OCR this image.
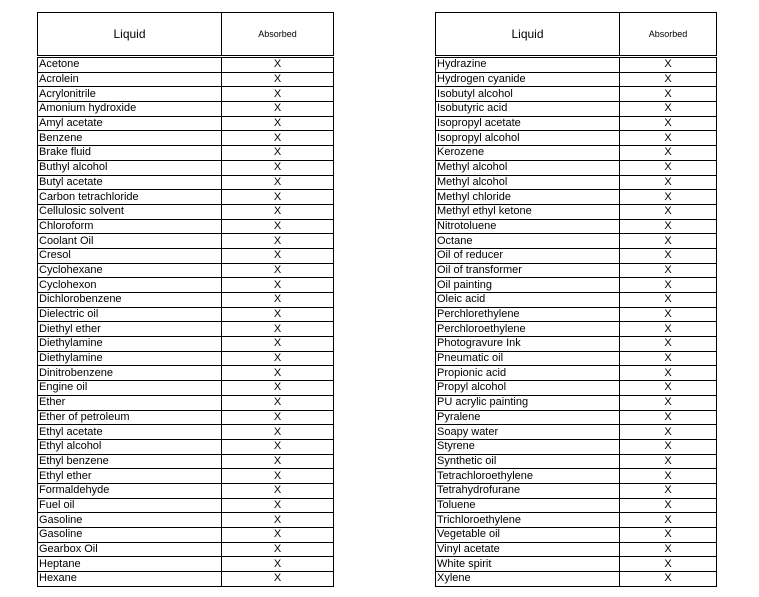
Liquid	Absorbed

Acetone	X
Acrolein	X
Acrylonitrile	X
Amonium hydroxide	X
Amyl acetate	X
Benzene	X
Brake fluid	X
Buthyl alcohol	X
Butyl acetate	X
Carbon tetrachloride	X
Cellulosic solvent	X
Chloroform	X
Coolant Oil	X
Cresol	X
Cyclohexane	X
Cyclohexon	X
Dichlorobenzene	X
Dielectric oil	X
Diethyl ether	X
Diethylamine	X
Diethylamine	X
Dinitrobenzene	X
Engine oil	X
Ether	X
Ether of petroleum	X
Ethyl acetate	X
Ethyl alcohol	X
Ethyl benzene	X
Ethyl ether	X
Formaldehyde	X
Fuel oil	X
Gasoline	X
Gasoline	X
Gearbox Oil	X
Heptane	X
Hexane	X
Liquid	Absorbed

Hydrazine	X
Hydrogen cyanide	X
Isobutyl alcohol	X
Isobutyric acid	X
Isopropyl acetate	X
Isopropyl alcohol	X
Kerozene	X
Methyl alcohol	X
Methyl alcohol	X
Methyl chloride	X
Methyl ethyl ketone	X
Nitrotoluene	X
Octane	X
Oil of reducer	X
Oil of transformer	X
Oil painting	X
Oleic acid	X
Perchlorethylene	X
Perchloroethylene	X
Photogravure Ink	X
Pneumatic oil	X
Propionic acid	X
Propyl alcohol	X
PU acrylic painting	X
Pyralene	X
Soapy water	X
Styrene	X
Synthetic oil	X
Tetrachloroethylene	X
Tetrahydrofurane	X
Toluene	X
Trichloroethylene	X
Vegetable oil	X
Vinyl acetate	X
White spirit	X
Xylene	X
